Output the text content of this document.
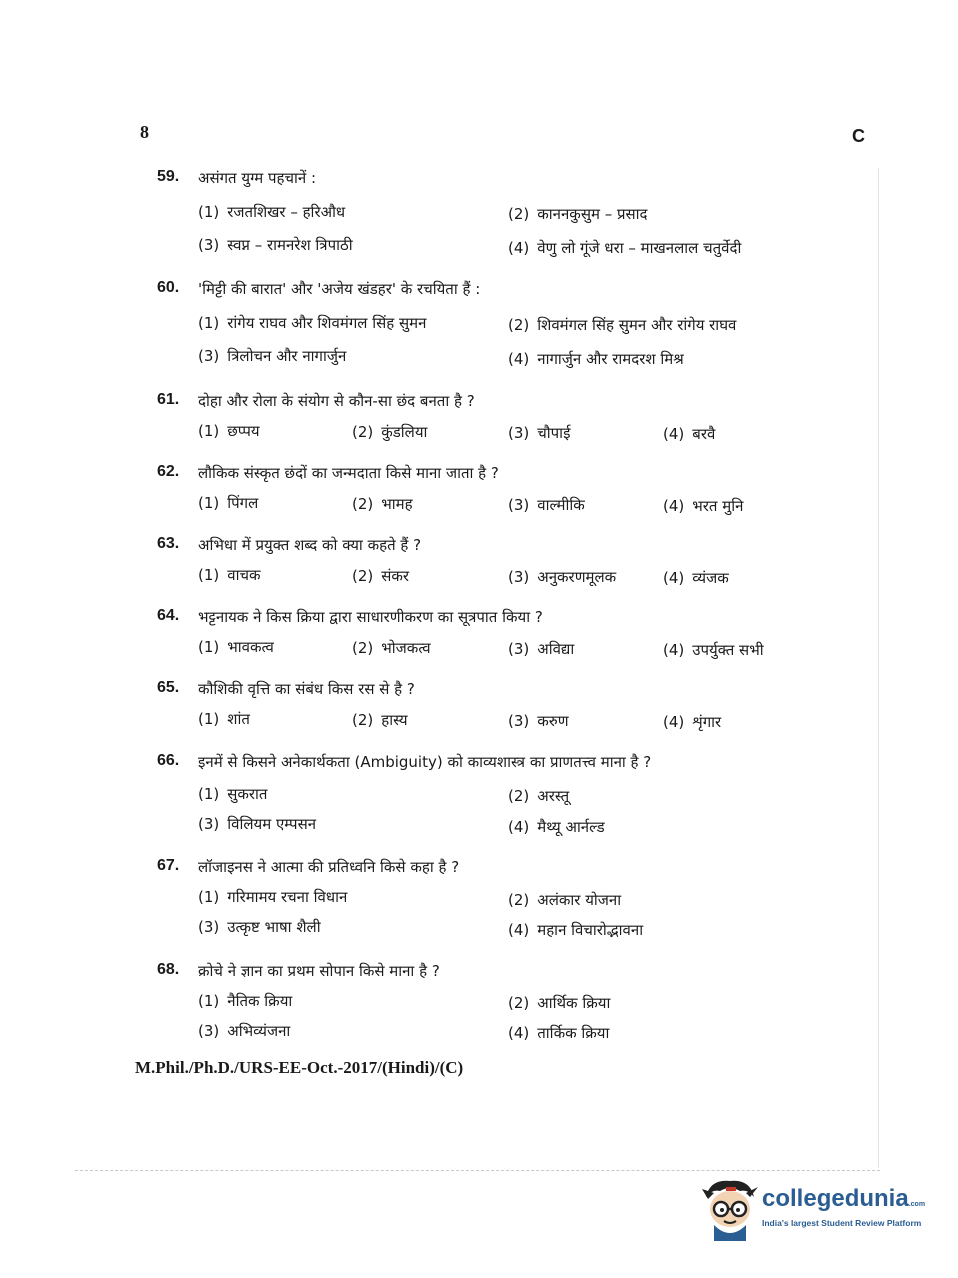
8	C
59. असंगत युग्म पहचानें :
(1) रजतशिखर – हरिऔध	(2) काननकुसुम – प्रसाद
(3) स्वप्न – रामनरेश त्रिपाठी	(4) वेणु लो गूंजे धरा – माखनलाल चतुर्वेदी
60. 'मिट्टी की बारात' और 'अजेय खंडहर' के रचयिता हैं :
(1) रांगेय राघव और शिवमंगल सिंह सुमन	(2) शिवमंगल सिंह सुमन और रांगेय राघव
(3) त्रिलोचन और नागार्जुन	(4) नागार्जुन और रामदरश मिश्र
61. दोहा और रोला के संयोग से कौन-सा छंद बनता है ?
(1) छप्पय	(2) कुंडलिया	(3) चौपाई	(4) बरवै
62. लौकिक संस्कृत छंदों का जन्मदाता किसे माना जाता है ?
(1) पिंगल	(2) भामह	(3) वाल्मीकि	(4) भरत मुनि
63. अभिधा में प्रयुक्त शब्द को क्या कहते हैं ?
(1) वाचक	(2) संकर	(3) अनुकरणमूलक	(4) व्यंजक
64. भट्टनायक ने किस क्रिया द्वारा साधारणीकरण का सूत्रपात किया ?
(1) भावकत्व	(2) भोजकत्व	(3) अविद्या	(4) उपर्युक्त सभी
65. कौशिकी वृत्ति का संबंध किस रस से है ?
(1) शांत	(2) हास्य	(3) करुण	(4) शृंगार
66. इनमें से किसने अनेकार्थकता (Ambiguity) को काव्यशास्त्र का प्राणतत्त्व माना है ?
(1) सुकरात	(2) अरस्तू
(3) विलियम एम्पसन	(4) मैथ्यू आर्नल्ड
67. लॉजाइनस ने आत्मा की प्रतिध्वनि किसे कहा है ?
(1) गरिमामय रचना विधान	(2) अलंकार योजना
(3) उत्कृष्ट भाषा शैली	(4) महान विचारोद्भावना
68. क्रोचे ने ज्ञान का प्रथम सोपान किसे माना है ?
(1) नैतिक क्रिया	(2) आर्थिक क्रिया
(3) अभिव्यंजना	(4) तार्किक क्रिया
M.Phil./Ph.D./URS-EE-Oct.-2017/(Hindi)/(C)
collegedunia.com
India's largest Student Review Platform
